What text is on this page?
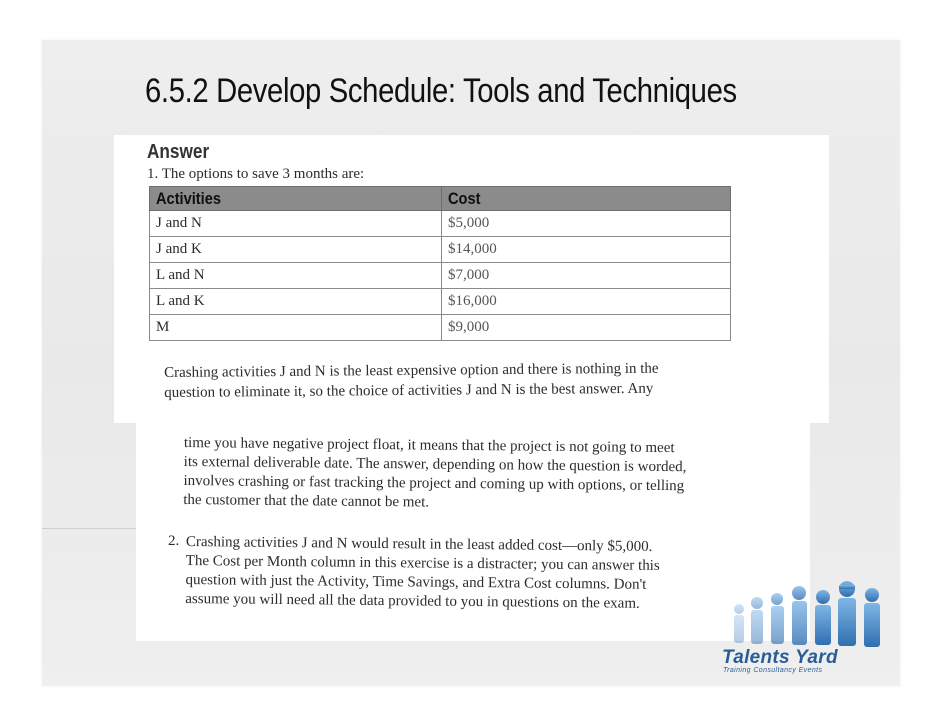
6.5.2 Develop Schedule: Tools and Techniques
Answer

1. The options to save 3 months are:

Activities	Cost
J and N	$5,000
J and K	$14,000
L and N	$7,000
L and K	$16,000
M	$9,000

Crashing activities J and N is the least expensive option and there is nothing in the
question to eliminate it, so the choice of activities J and N is the best answer. Any

time you have negative project float, it means that the project is not going to meet
its external deliverable date. The answer, depending on how the question is worded,
involves crashing or fast tracking the project and coming up with options, or telling
the customer that the date cannot be met.

2. Crashing activities J and N would result in the least added cost—only $5,000.
The Cost per Month column in this exercise is a distracter; you can answer this
question with just the Activity, Time Savings, and Extra Cost columns. Don't
assume you will need all the data provided to you in questions on the exam.

Talents Yard

Training Consultancy Events
